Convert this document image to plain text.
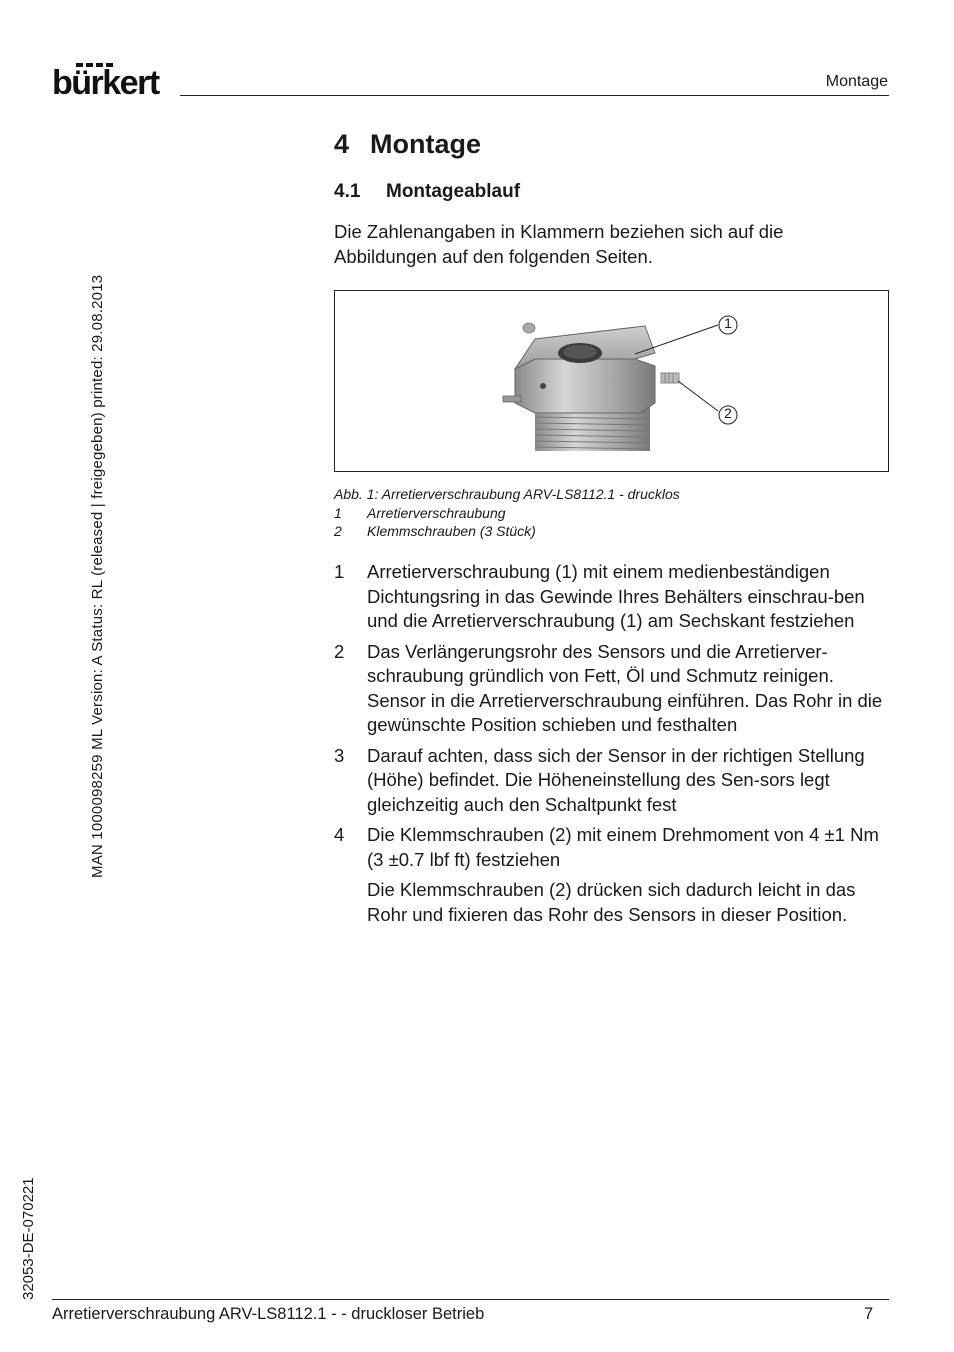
bürkert	Montage
MAN 1000098259 ML Version: A Status: RL (released | freigegeben) printed: 29.08.2013
32053-DE-070221
4 Montage
4.1 Montageablauf
Die Zahlenangaben in Klammern beziehen sich auf die Abbildungen auf den folgenden Seiten.
1
2
Abb. 1: Arretierverschraubung ARV-LS8112.1 - drucklos
1	Arretierverschraubung
2	Klemmschrauben (3 Stück)
1	Arretierverschraubung (1) mit einem medienbeständigen Dichtungsring in das Gewinde Ihres Behälters einschrau-ben und die Arretierverschraubung (1) am Sechskant festziehen

2	Das Verlängerungsrohr des Sensors und die Arretierver-schraubung gründlich von Fett, Öl und Schmutz reinigen. Sensor in die Arretierverschraubung einführen. Das Rohr in die gewünschte Position schieben und festhalten

3	Darauf achten, dass sich der Sensor in der richtigen Stellung (Höhe) befindet. Die Höheneinstellung des Sen-sors legt gleichzeitig auch den Schaltpunkt fest

4	Die Klemmschrauben (2) mit einem Drehmoment von 4 ±1 Nm (3 ±0.7 lbf ft) festziehen

Die Klemmschrauben (2) drücken sich dadurch leicht in das Rohr und fixieren das Rohr des Sensors in dieser Position.

Arretierverschraubung ARV-LS8112.1 - - druckloser Betrieb	7
